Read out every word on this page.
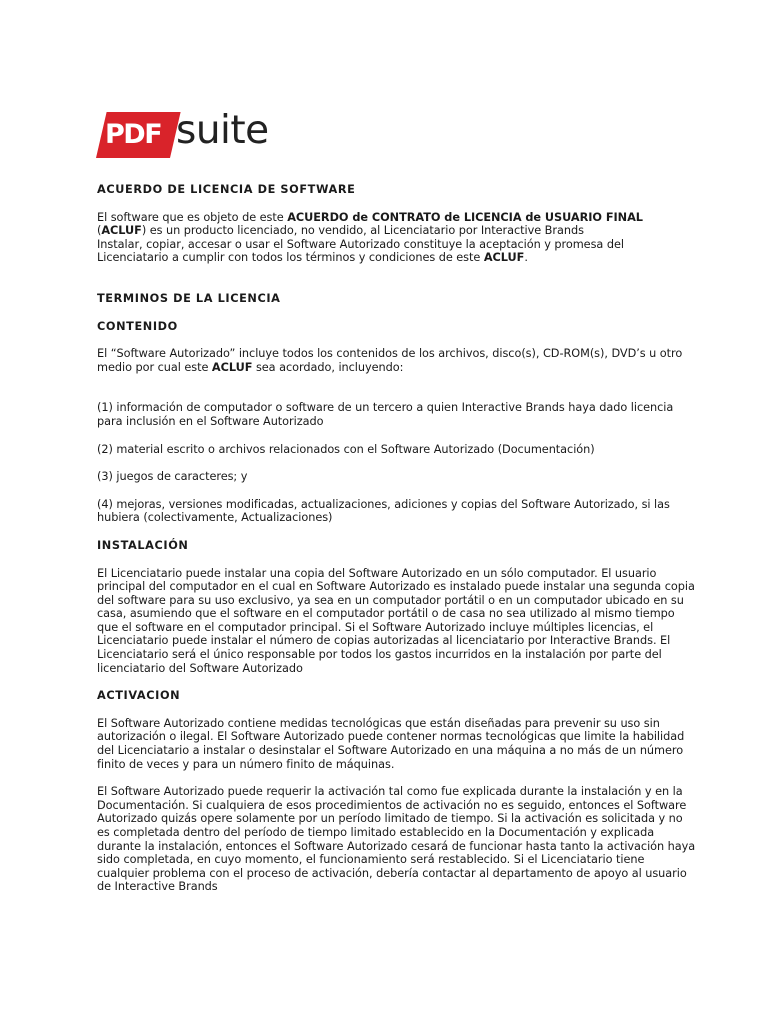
PDF suite
ACUERDO DE LICENCIA DE SOFTWARE

El software que es objeto de este ACUERDO de CONTRATO de LICENCIA de USUARIO FINAL
(ACLUF) es un producto licenciado, no vendido, al Licenciatario por Interactive Brands
Instalar, copiar, accesar o usar el Software Autorizado constituye la aceptación y promesa del Licenciatario a cumplir con todos los términos y condiciones de este ACLUF.

TERMINOS DE LA LICENCIA
CONTENIDO

El “Software Autorizado” incluye todos los contenidos de los archivos, disco(s), CD-ROM(s), DVD’s u otro medio por cual este ACLUF sea acordado, incluyendo:

(1) información de computador o software de un tercero a quien Interactive Brands haya dado licencia para inclusión en el Software Autorizado

(2) material escrito o archivos relacionados con el Software Autorizado (Documentación)

(3) juegos de caracteres; y

(4) mejoras, versiones modificadas, actualizaciones, adiciones y copias del Software Autorizado, si las hubiera (colectivamente, Actualizaciones)

INSTALACIÓN

El Licenciatario puede instalar una copia del Software Autorizado en un sólo computador. El usuario principal del computador en el cual en Software Autorizado es instalado puede instalar una segunda copia del software para su uso exclusivo, ya sea en un computador portátil o en un computador ubicado en su casa, asumiendo que el software en el computador portátil o de casa no sea utilizado al mismo tiempo que el software en el computador principal. Si el Software Autorizado incluye múltiples licencias, el Licenciatario puede instalar el número de copias autorizadas al licenciatario por Interactive Brands. El Licenciatario será el único responsable por todos los gastos incurridos en la instalación por parte del licenciatario del Software Autorizado

ACTIVACION

El Software Autorizado contiene medidas tecnológicas que están diseñadas para prevenir su uso sin autorización o ilegal. El Software Autorizado puede contener normas tecnológicas que limite la habilidad del Licenciatario a instalar o desinstalar el Software Autorizado en una máquina a no más de un número finito de veces y para un número finito de máquinas.

El Software Autorizado puede requerir la activación tal como fue explicada durante la instalación y en la Documentación. Si cualquiera de esos procedimientos de activación no es seguido, entonces el Software Autorizado quizás opere solamente por un período limitado de tiempo. Si la activación es solicitada y no es completada dentro del período de tiempo limitado establecido en la Documentación y explicada durante la instalación, entonces el Software Autorizado cesará de funcionar hasta tanto la activación haya sido completada, en cuyo momento, el funcionamiento será restablecido. Si el Licenciatario tiene cualquier problema con el proceso de activación, debería contactar al departamento de apoyo al usuario de Interactive Brands
